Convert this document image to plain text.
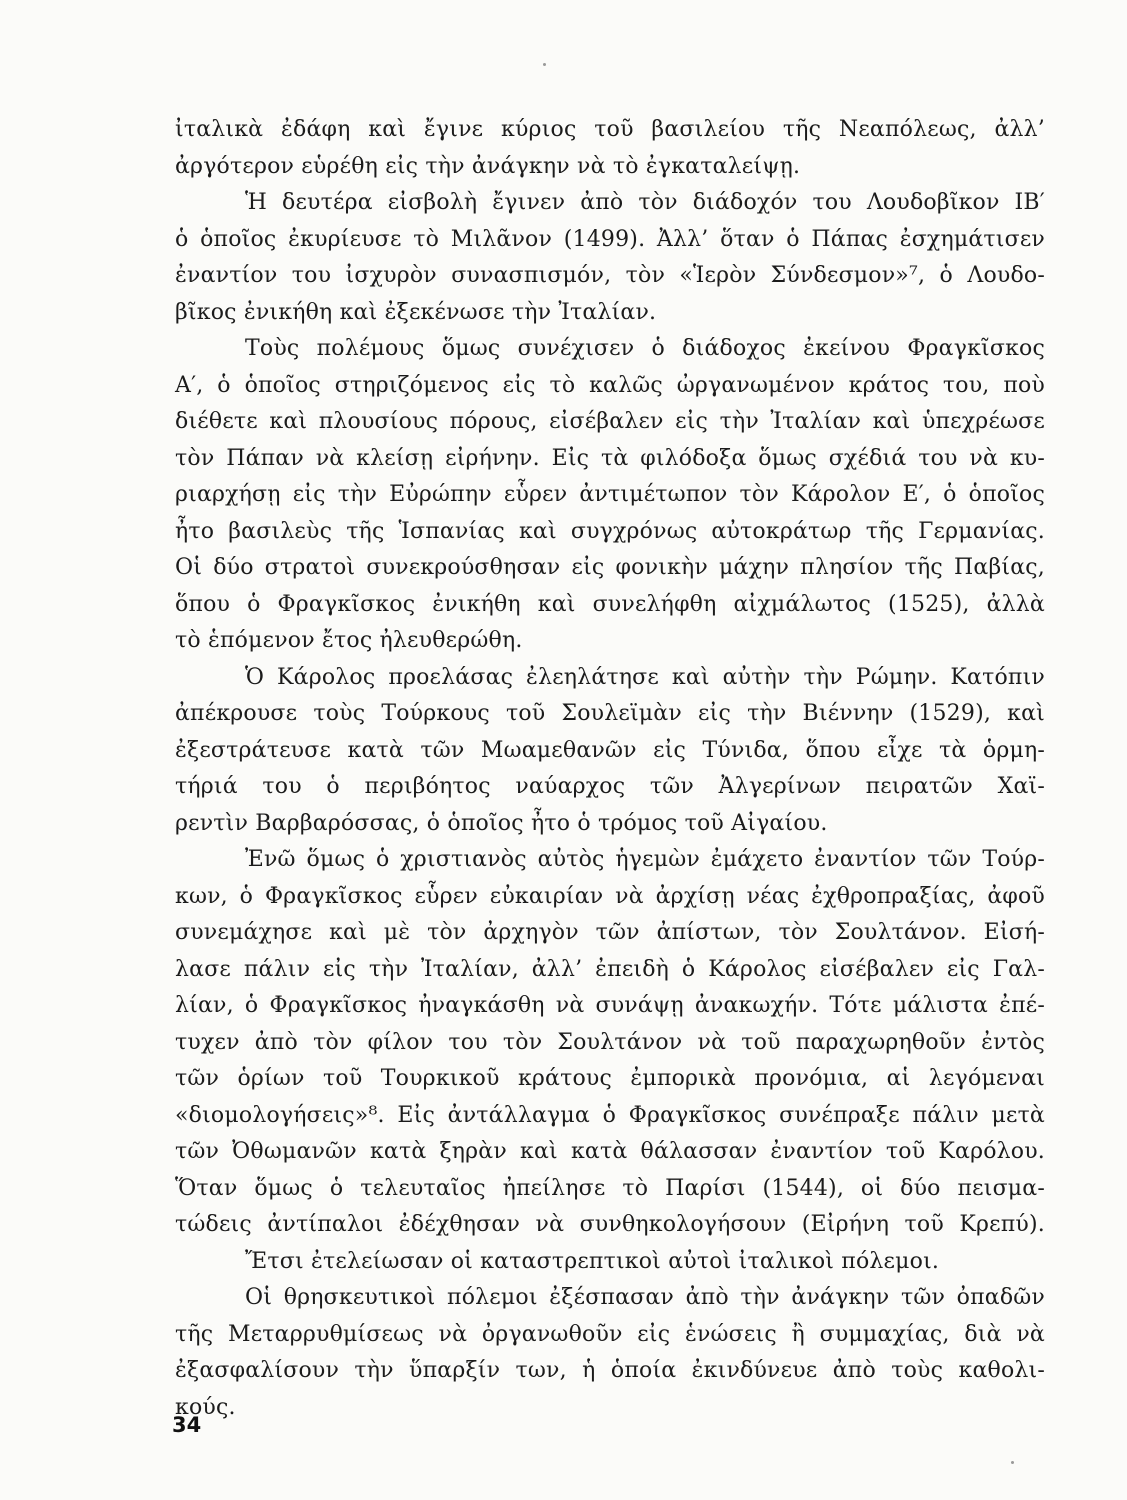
ἰταλικὰ ἐδάφη καὶ ἔγινε κύριος τοῦ βασιλείου τῆς Νεαπόλεως, ἀλλ’
ἀργότερον εὑρέθη εἰς τὴν ἀνάγκην νὰ τὸ ἐγκαταλείψῃ.
Ἡ δευτέρα εἰσβολὴ ἔγινεν ἀπὸ τὸν διάδοχόν του Λουδοβῖκον ΙΒ′
ὁ ὁποῖος ἐκυρίευσε τὸ Μιλᾶνον (1499). Ἀλλ’ ὅταν ὁ Πάπας ἐσχημάτισεν
ἐναντίον του ἰσχυρὸν συνασπισμόν, τὸν «Ἱερὸν Σύνδεσμον»⁷, ὁ Λουδο-
βῖκος ἐνικήθη καὶ ἐξεκένωσε τὴν Ἰταλίαν.
Τοὺς πολέμους ὅμως συνέχισεν ὁ διάδοχος ἐκείνου Φραγκῖσκος
Α′, ὁ ὁποῖος στηριζόμενος εἰς τὸ καλῶς ὠργανωμένον κράτος του, ποὺ
διέθετε καὶ πλουσίους πόρους, εἰσέβαλεν εἰς τὴν Ἰταλίαν καὶ ὑπεχρέωσε
τὸν Πάπαν νὰ κλείσῃ εἰρήνην. Εἰς τὰ φιλόδοξα ὅμως σχέδιά του νὰ κυ-
ριαρχήσῃ εἰς τὴν Εὐρώπην εὗρεν ἀντιμέτωπον τὸν Κάρολον Ε′, ὁ ὁποῖος
ἦτο βασιλεὺς τῆς Ἱσπανίας καὶ συγχρόνως αὐτοκράτωρ τῆς Γερμανίας.
Οἱ δύο στρατοὶ συνεκρούσθησαν εἰς φονικὴν μάχην πλησίον τῆς Παβίας,
ὅπου ὁ Φραγκῖσκος ἐνικήθη καὶ συνελήφθη αἰχμάλωτος (1525), ἀλλὰ
τὸ ἑπόμενον ἔτος ἠλευθερώθη.
Ὁ Κάρολος προελάσας ἐλεηλάτησε καὶ αὐτὴν τὴν Ρώμην. Κατόπιν
ἀπέκρουσε τοὺς Τούρκους τοῦ Σουλεϊμὰν εἰς τὴν Βιέννην (1529), καὶ
ἐξεστράτευσε κατὰ τῶν Μωαμεθανῶν εἰς Τύνιδα, ὅπου εἶχε τὰ ὁρμη-
τήριά του ὁ περιβόητος ναύαρχος τῶν Ἀλγερίνων πειρατῶν Χαϊ-
ρεντὶν Βαρβαρόσσας, ὁ ὁποῖος ἦτο ὁ τρόμος τοῦ Αἰγαίου.
Ἐνῶ ὅμως ὁ χριστιανὸς αὐτὸς ἡγεμὼν ἐμάχετο ἐναντίον τῶν Τούρ-
κων, ὁ Φραγκῖσκος εὗρεν εὐκαιρίαν νὰ ἀρχίσῃ νέας ἐχθροπραξίας, ἀφοῦ
συνεμάχησε καὶ μὲ τὸν ἀρχηγὸν τῶν ἀπίστων, τὸν Σουλτάνον. Εἰσή-
λασε πάλιν εἰς τὴν Ἰταλίαν, ἀλλ’ ἐπειδὴ ὁ Κάρολος εἰσέβαλεν εἰς Γαλ-
λίαν, ὁ Φραγκῖσκος ἠναγκάσθη νὰ συνάψῃ ἀνακωχήν. Τότε μάλιστα ἐπέ-
τυχεν ἀπὸ τὸν φίλον του τὸν Σουλτάνον νὰ τοῦ παραχωρηθοῦν ἐντὸς
τῶν ὁρίων τοῦ Τουρκικοῦ κράτους ἐμπορικὰ προνόμια, αἱ λεγόμεναι
«διομολογήσεις»⁸. Εἰς ἀντάλλαγμα ὁ Φραγκῖσκος συνέπραξε πάλιν μετὰ
τῶν Ὀθωμανῶν κατὰ ξηρὰν καὶ κατὰ θάλασσαν ἐναντίον τοῦ Καρόλου.
Ὅταν ὅμως ὁ τελευταῖος ἠπείλησε τὸ Παρίσι (1544), οἱ δύο πεισμα-
τώδεις ἀντίπαλοι ἐδέχθησαν νὰ συνθηκολογήσουν (Εἰρήνη τοῦ Κρεπύ).
Ἔτσι ἐτελείωσαν οἱ καταστρεπτικοὶ αὐτοὶ ἰταλικοὶ πόλεμοι.
Οἱ θρησκευτικοὶ πόλεμοι ἐξέσπασαν ἀπὸ τὴν ἀνάγκην τῶν ὀπαδῶν
τῆς Μεταρρυθμίσεως νὰ ὀργανωθοῦν εἰς ἑνώσεις ἢ συμμαχίας, διὰ νὰ
ἐξασφαλίσουν τὴν ὕπαρξίν των, ἡ ὁποία ἐκινδύνευε ἀπὸ τοὺς καθολι-
κούς.
34
